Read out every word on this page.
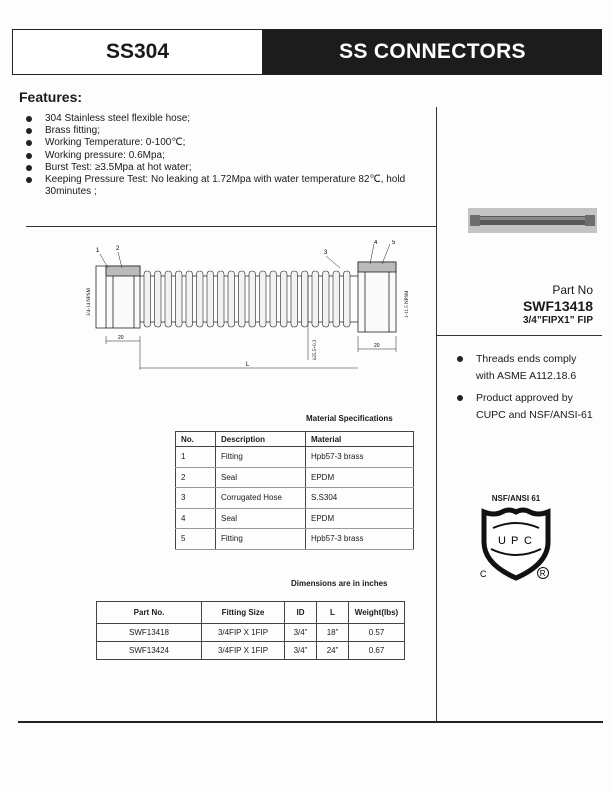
SS304	SS CONNECTORS
Features:
304 Stainless steel flexible hose;
Brass fitting;
Working Temperature: 0-100℃;
Working pressure: 0.6Mpa;
Burst Test: ≥3.5Mpa at hot water;
Keeping Pressure Test: No leaking at 1.72Mpa with water temperature 82℃, hold 30minutes ;
Part No
SWF13418
3/4”FIPX1” FIP
Threads ends comply with ASME A112.18.6
Product approved by CUPC and NSF/ANSI-61
NSF/ANSI 61
U P C
C	R
1	2
3
4 5
20
20
L
3/4-14 NPSM	1-11.5 NPSM
ù25.5+0.3
Material Specifications
No.	Description	Material
1	Fitting	Hpb57-3 brass
2	Seal	EPDM
3	Corrugated Hose	S.S304
4	Seal	EPDM
5	Fitting	Hpb57-3 brass
Dimensions are in inches
Part No.	Fitting Size	ID	L	Weight(lbs)
SWF13418	3/4FIP X 1FIP	3/4”	18”	0.57
SWF13424	3/4FIP X 1FIP	3/4”	24”	0.67
